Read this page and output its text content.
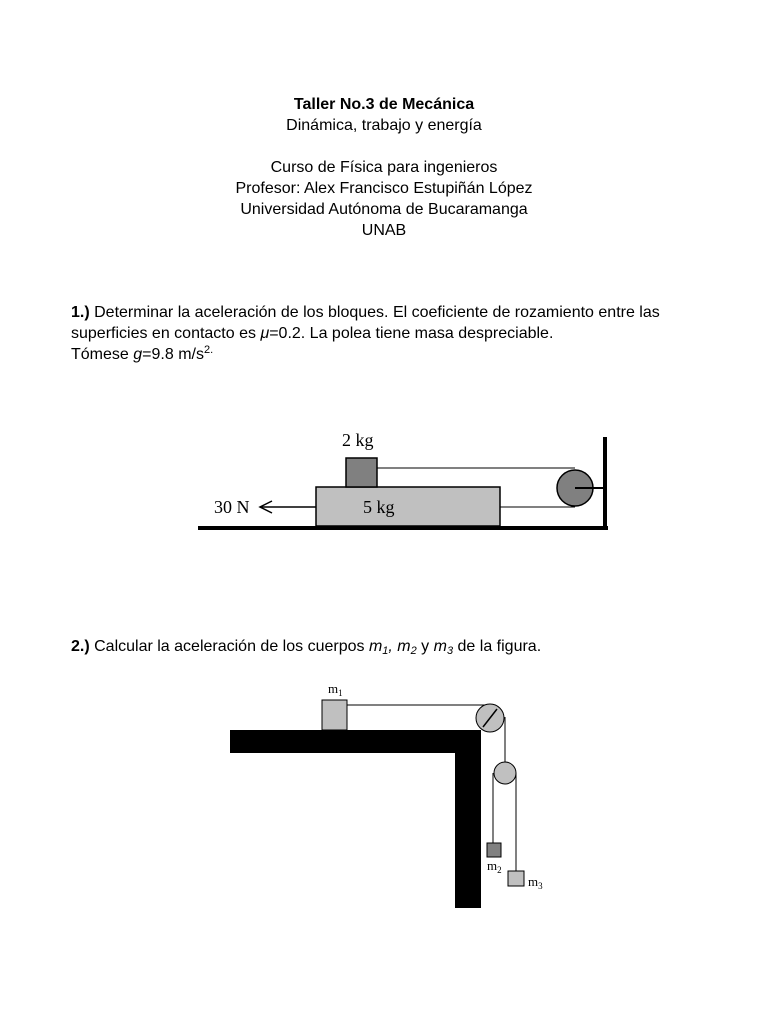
Taller No.3 de Mecánica
Dinámica, trabajo y energía
Curso de Física para ingenieros
Profesor: Alex Francisco Estupiñán López
Universidad Autónoma de Bucaramanga
UNAB
1.) Determinar la aceleración de los bloques. El coeficiente de rozamiento entre las superficies en contacto es μ=0.2. La polea tiene masa despreciable.
Tómese g=9.8 $m/s^{2.}$
2.) Calcular la aceleración de los cuerpos $m_1$, $m_2$ y $m_3$ de la figura.
2 kg
5 kg
30 N
$m_1$
$m_2$
$m_3$
